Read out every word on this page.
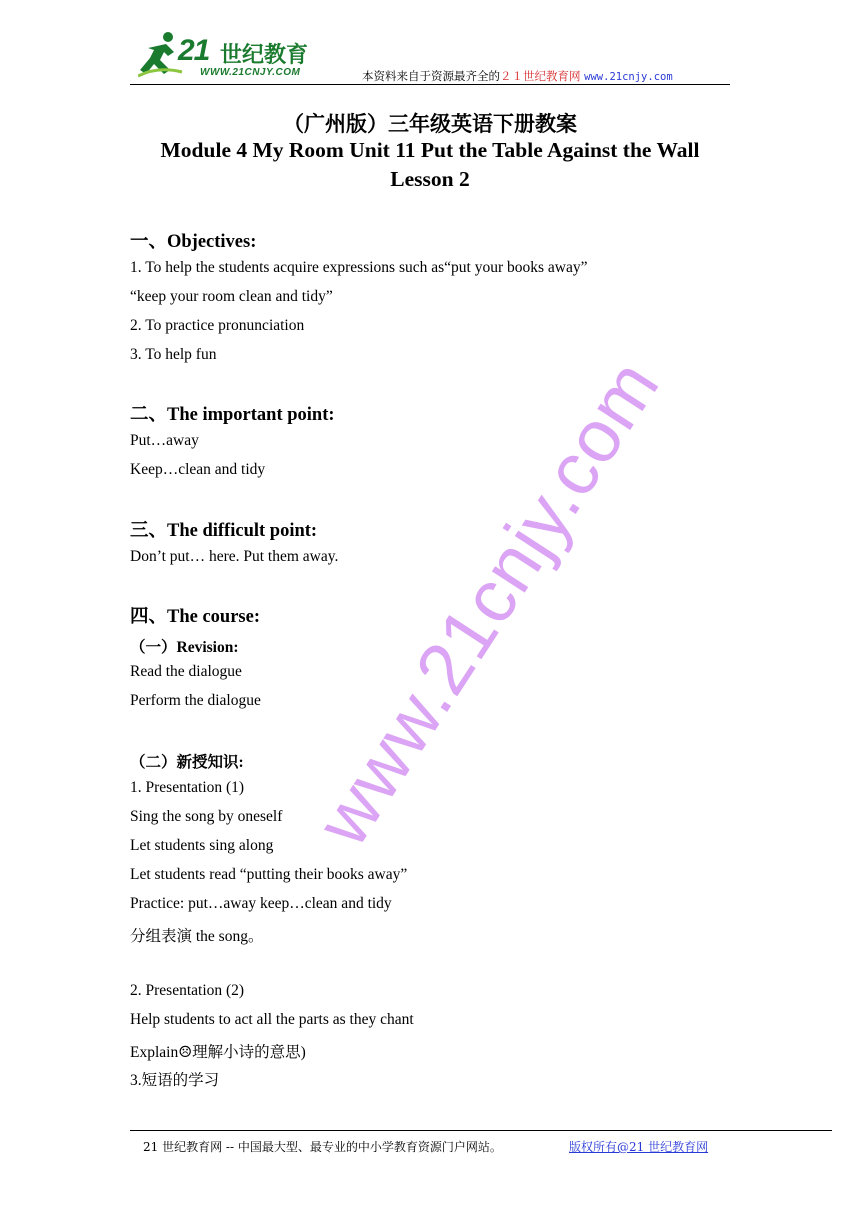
21 世纪教育
WWW.21CNJY.COM	本资料来自于资源最齐全的２１世纪教育网 www.21cnjy.com
（广州版）三年级英语下册教案
Module 4 My Room Unit 11 Put the Table Against the Wall
Lesson 2
一、Objectives:
1. To help the students acquire expressions such as“put your books away”
“keep your room clean and tidy”
2. To practice pronunciation
3. To help fun
二、The important point:
Put…away
Keep…clean and tidy
三、The difficult point:
Don’t put… here. Put them away.
四、The course:
（一）Revision:
Read the dialogue
Perform the dialogue
（二）新授知识:
1. Presentation (1)
Sing the song by oneself
Let students sing along
Let students read “putting their books away”
Practice: put…away keep…clean and tidy
分组表演 the song。
2. Presentation (2)
Help students to act all the parts as they chant
Explain☹理解小诗的意思)
3.短语的学习
www.21cnjy.com
21 世纪教育网 -- 中国最大型、最专业的中小学教育资源门户网站。	版权所有@21 世纪教育网
